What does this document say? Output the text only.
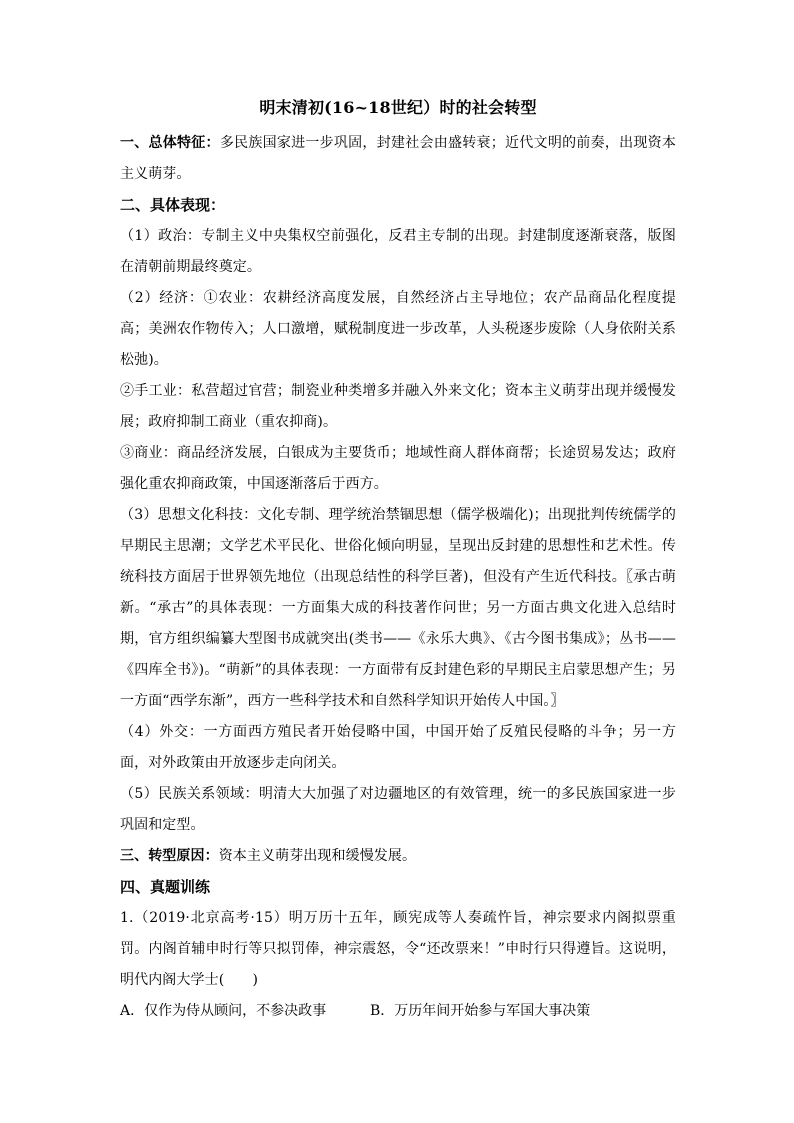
明末清初(16~18世纪）时的社会转型

一、总体特征：多民族国家进一步巩固，封建社会由盛转衰；近代文明的前奏，出现资本主义萌芽。

二、具体表现：

（1）政治：专制主义中央集权空前强化，反君主专制的出现。封建制度逐渐衰落，版图在清朝前期最终奠定。

（2）经济：①农业：农耕经济高度发展，自然经济占主导地位；农产品商品化程度提高；美洲农作物传入；人口激增，赋税制度进一步改革，人头税逐步废除（人身依附关系松弛)。

②手工业：私营超过官营；制瓷业种类增多并融入外来文化；资本主义萌芽出现并缓慢发展；政府抑制工商业（重农抑商)。

③商业：商品经济发展，白银成为主要货币；地域性商人群体商帮；长途贸易发达；政府强化重农抑商政策，中国逐渐落后于西方。

（3）思想文化科技：文化专制、理学统治禁锢思想（儒学极端化)；出现批判传统儒学的早期民主思潮；文学艺术平民化、世俗化倾向明显，呈现出反封建的思想性和艺术性。传统科技方面居于世界领先地位（出现总结性的科学巨著)，但没有产生近代科技。〖承古萌新。“承古”的具体表现：一方面集大成的科技著作问世；另一方面古典文化进入总结时期，官方组织编纂大型图书成就突出(类书——《永乐大典》、《古今图书集成》；丛书——《四库全书》)。“萌新”的具体表现：一方面带有反封建色彩的早期民主启蒙思想产生；另一方面“西学东渐”，西方一些科学技术和自然科学知识开始传人中国。〗

（4）外交：一方面西方殖民者开始侵略中国，中国开始了反殖民侵略的斗争；另一方面，对外政策由开放逐步走向闭关。

（5）民族关系领域：明清大大加强了对边疆地区的有效管理，统一的多民族国家进一步巩固和定型。

三、转型原因：资本主义萌芽出现和缓慢发展。

四、真题训练

1.（2019·北京高考·15）明万历十五年，顾宪成等人奏疏忤旨，神宗要求内阁拟票重罚。内阁首辅申时行等只拟罚俸，神宗震怒，令“还改票来！”申时行只得遵旨。这说明，明代内阁大学士(　　)

A．仅作为侍从顾问，不参决政事	B．万历年间开始参与军国大事决策
